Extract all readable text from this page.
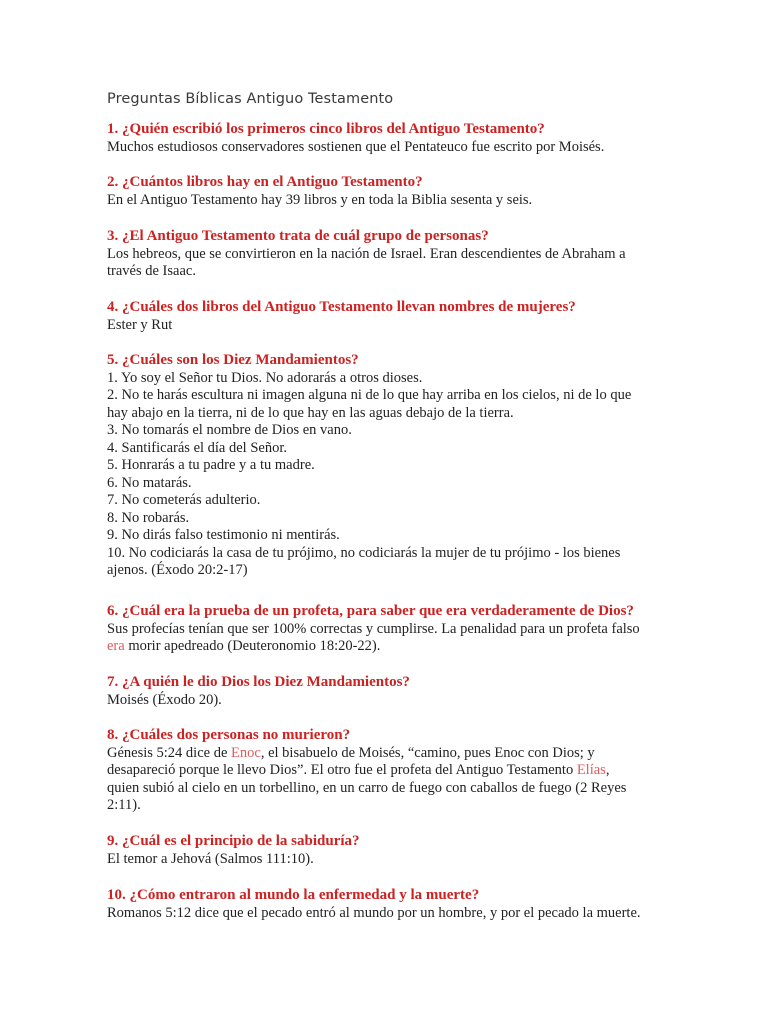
Preguntas Bíblicas Antiguo Testamento
1. ¿Quién escribió los primeros cinco libros del Antiguo Testamento?
Muchos estudiosos conservadores sostienen que el Pentateuco fue escrito por Moisés.
2. ¿Cuántos libros hay en el Antiguo Testamento?
En el Antiguo Testamento hay 39 libros y en toda la Biblia sesenta y seis.
3. ¿El Antiguo Testamento trata de cuál grupo de personas?
Los hebreos, que se convirtieron en la nación de Israel. Eran descendientes de Abraham a
través de Isaac.
4. ¿Cuáles dos libros del Antiguo Testamento llevan nombres de mujeres?
Ester y Rut
5. ¿Cuáles son los Diez Mandamientos?
1. Yo soy el Señor tu Dios. No adorarás a otros dioses.
2. No te harás escultura ni imagen alguna ni de lo que hay arriba en los cielos, ni de lo que
hay abajo en la tierra, ni de lo que hay en las aguas debajo de la tierra.
3. No tomarás el nombre de Dios en vano.
4. Santificarás el día del Señor.
5. Honrarás a tu padre y a tu madre.
6. No matarás.
7. No cometerás adulterio.
8. No robarás.
9. No dirás falso testimonio ni mentirás.
10. No codiciarás la casa de tu prójimo, no codiciarás la mujer de tu prójimo - los bienes
ajenos. (Éxodo 20:2-17)
6. ¿Cuál era la prueba de un profeta, para saber que era verdaderamente de Dios?
Sus profecías tenían que ser 100% correctas y cumplirse. La penalidad para un profeta falso
era morir apedreado (Deuteronomio 18:20-22).
7. ¿A quién le dio Dios los Diez Mandamientos?
Moisés (Éxodo 20).
8. ¿Cuáles dos personas no murieron?
Génesis 5:24 dice de Enoc, el bisabuelo de Moisés, “camino, pues Enoc con Dios; y
desapareció porque le llevo Dios”. El otro fue el profeta del Antiguo Testamento Elías,
quien subió al cielo en un torbellino, en un carro de fuego con caballos de fuego (2 Reyes
2:11).
9. ¿Cuál es el principio de la sabiduría?
El temor a Jehová (Salmos 111:10).
10. ¿Cómo entraron al mundo la enfermedad y la muerte?
Romanos 5:12 dice que el pecado entró al mundo por un hombre, y por el pecado la muerte.
